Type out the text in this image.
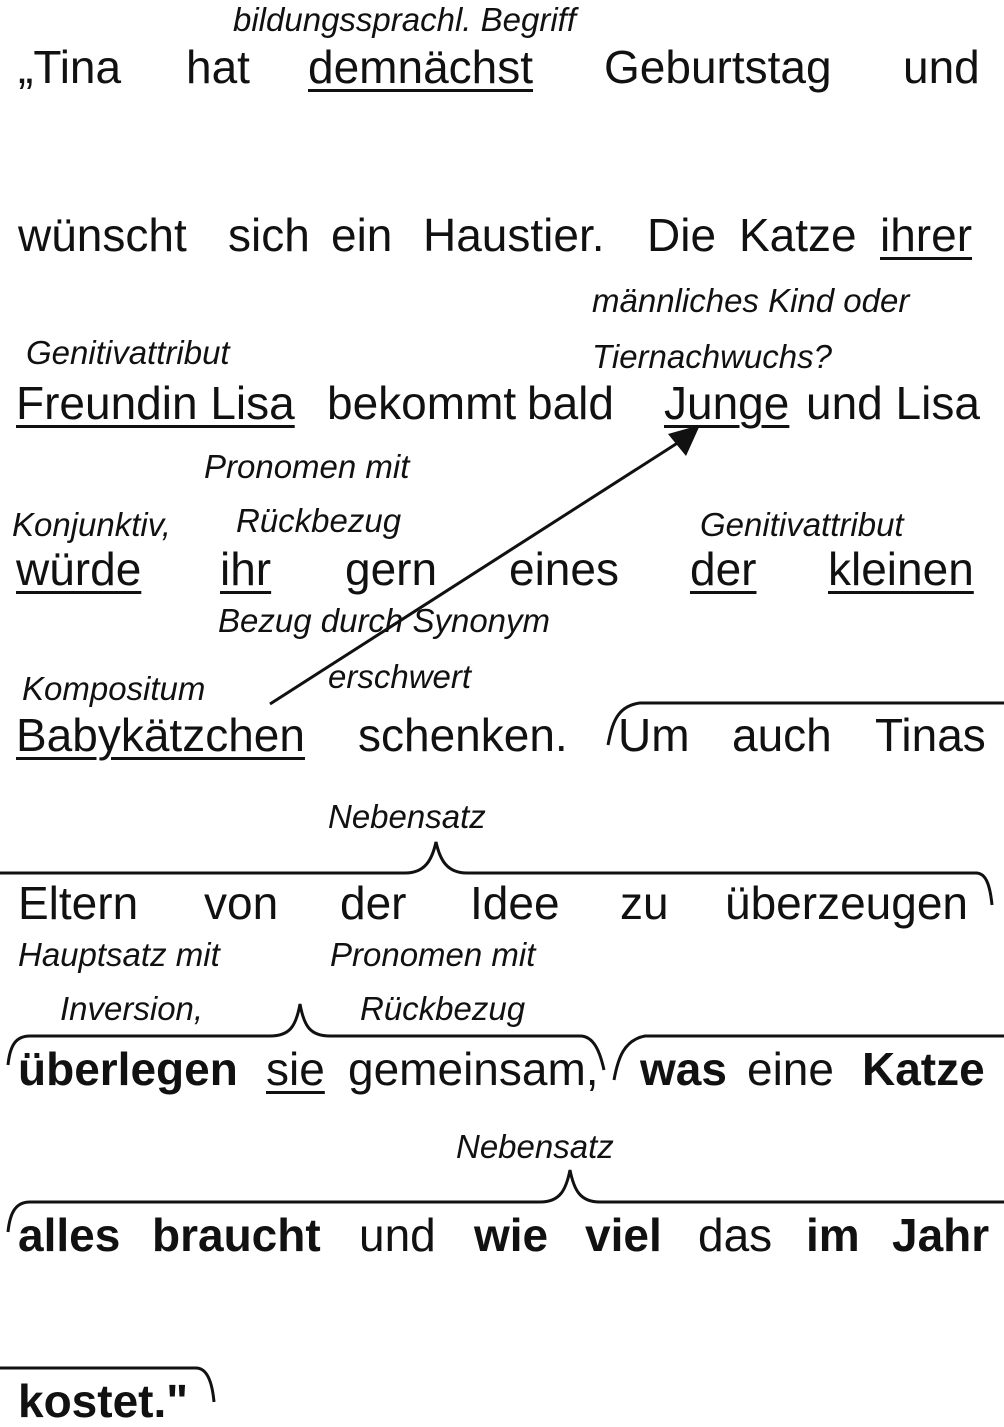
„Tina hat demnächst Geburtstag und
wünscht sich ein Haustier. Die Katze ihrer
Freundin Lisa bekommt bald Junge und Lisa
würde ihr gern eines der kleinen
Babykätzchen schenken. Um auch Tinas
Eltern von der Idee zu überzeugen
überlegen sie gemeinsam, was eine Katze
alles braucht und wie viel das im Jahr
kostet."
bildungssprachl. Begriff
männliches Kind oder
Tiernachwuchs?
Genitivattribut
Pronomen mit
Konjunktiv, Rückbezug	Genitivattribut
Bezug durch Synonym
erschwert
Kompositum
Nebensatz
Hauptsatz mit
Inversion,
Pronomen mit
Rückbezug
Nebensatz
